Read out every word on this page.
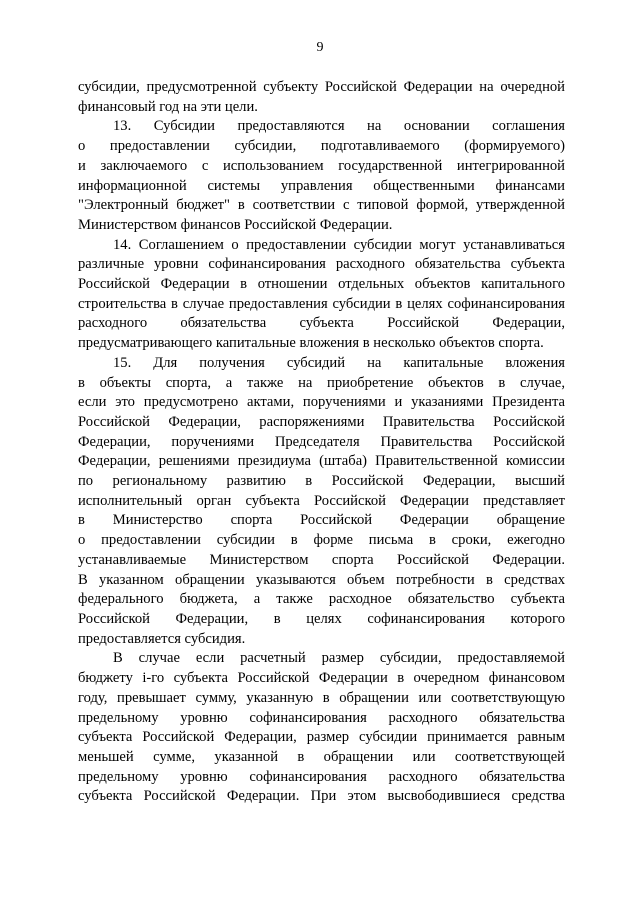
9

субсидии, предусмотренной субъекту Российской Федерации на очередной
финансовый год на эти цели.

13. Субсидии предоставляются на основании соглашения
о предоставлении субсидии, подготавливаемого (формируемого)
и заключаемого с использованием государственной интегрированной
информационной системы управления общественными финансами
"Электронный бюджет" в соответствии с типовой формой, утвержденной
Министерством финансов Российской Федерации.

14. Соглашением о предоставлении субсидии могут устанавливаться
различные уровни софинансирования расходного обязательства субъекта
Российской Федерации в отношении отдельных объектов капитального
строительства в случае предоставления субсидии в целях софинансирования
расходного обязательства субъекта Российской Федерации,
предусматривающего капитальные вложения в несколько объектов спорта.

15. Для получения субсидий на капитальные вложения
в объекты спорта, а также на приобретение объектов в случае,
если это предусмотрено актами, поручениями и указаниями Президента
Российской Федерации, распоряжениями Правительства Российской
Федерации, поручениями Председателя Правительства Российской
Федерации, решениями президиума (штаба) Правительственной комиссии
по региональному развитию в Российской Федерации, высший
исполнительный орган субъекта Российской Федерации представляет
в Министерство спорта Российской Федерации обращение
о предоставлении субсидии в форме письма в сроки, ежегодно
устанавливаемые Министерством спорта Российской Федерации.
В указанном обращении указываются объем потребности в средствах
федерального бюджета, а также расходное обязательство субъекта
Российской Федерации, в целях софинансирования которого
предоставляется субсидия.

В случае если расчетный размер субсидии, предоставляемой
бюджету i-го субъекта Российской Федерации в очередном финансовом
году, превышает сумму, указанную в обращении или соответствующую
предельному уровню софинансирования расходного обязательства
субъекта Российской Федерации, размер субсидии принимается равным
меньшей сумме, указанной в обращении или соответствующей
предельному уровню софинансирования расходного обязательства
субъекта Российской Федерации. При этом высвободившиеся средства
